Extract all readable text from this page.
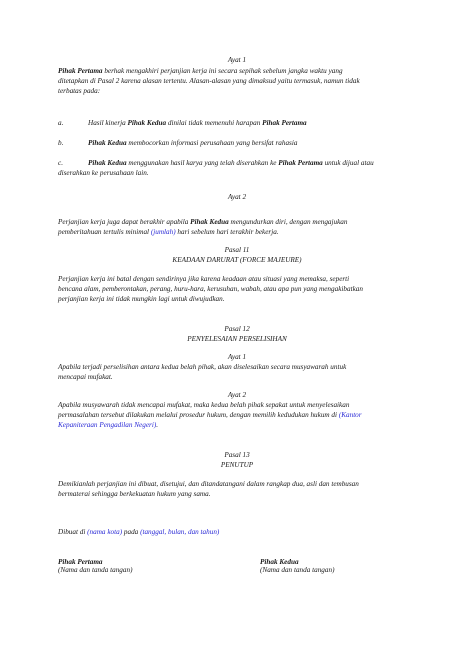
Ayat 1
Pihak Pertama berhak mengakhiri perjanjian kerja ini secara sepihak sebelum jangka waktu yang
ditetapkan di Pasal 2 karena alasan tertentu. Alasan-alasan yang dimaksud yaitu termasuk, namun tidak
terbatas pada:
a.	Hasil kinerja Pihak Kedua dinilai tidak memenuhi harapan Pihak Pertama
b.	Pihak Kedua membocorkan informasi perusahaan yang bersifat rahasia
c.	Pihak Kedua menggunakan hasil karya yang telah diserahkan ke Pihak Pertama untuk dijual atau
diserahkan ke perusahaan lain.
Ayat 2
Perjanjian kerja juga dapat berakhir apabila Pihak Kedua mengundurkan diri, dengan mengajukan
pemberitahuan tertulis minimal (jumlah) hari sebelum hari terakhir bekerja.
Pasal 11
KEADAAN DARURAT (FORCE MAJEURE)
Perjanjian kerja ini batal dengan sendirinya jika karena keadaan atau situasi yang memaksa, seperti
bencana alam, pemberontakan, perang, huru-hara, kerusuhan, wabah, atau apa pun yang mengakibatkan
perjanjian kerja ini tidak mungkin lagi untuk diwujudkan.
Pasal 12
PENYELESAIAN PERSELISIHAN
Ayat 1
Apabila terjadi perselisihan antara kedua belah pihak, akan diselesaikan secara musyawarah untuk
mencapai mufakat.
Ayat 2
Apabila musyawarah tidak mencapai mufakat, maka kedua belah pihak sepakat untuk menyelesaikan
permasalahan tersebut dilakukan melalui prosedur hukum, dengan memilih kedudukan hukum di (Kantor
Kepaniteraan Pengadilan Negeri).
Pasal 13
PENUTUP
Demikianlah perjanjian ini dibuat, disetujui, dan ditandatangani dalam rangkap dua, asli dan tembusan
bermaterai sehingga berkekuatan hukum yang sama.
Dibuat di (nama kota) pada (tanggal, bulan, dan tahun)
Pihak Pertama
(Nama dan tanda tangan)
Pihak Kedua
(Nama dan tanda tangan)
